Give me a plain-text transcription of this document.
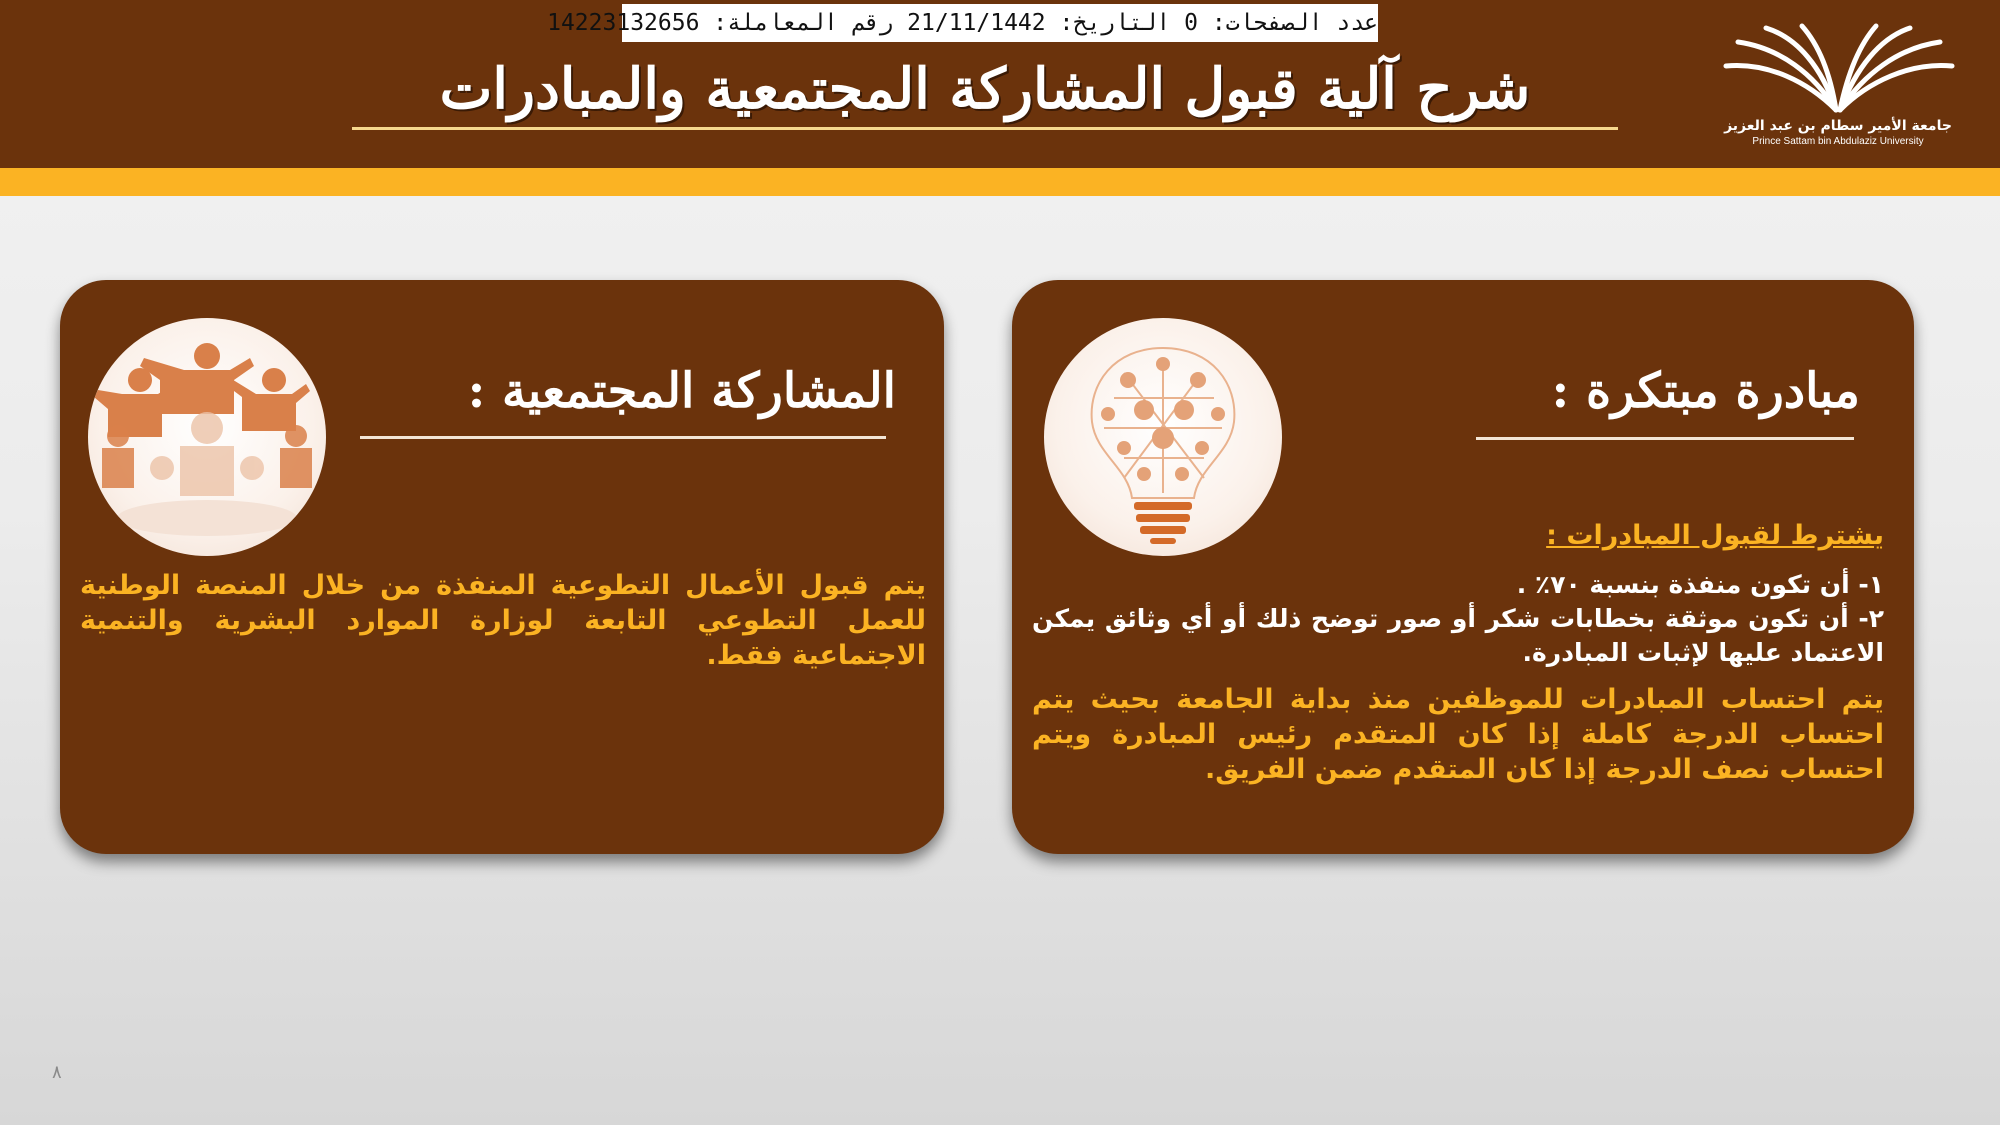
عدد الصفحات: 0 التاريخ: 21/11/1442 رقم المعاملة: 14223132656
شرح آلية قبول المشاركة المجتمعية والمبادرات
جامعة الأمير سطام بن عبد العزيز
Prince Sattam bin Abdulaziz University
المشاركة المجتمعية :
يتم قبول الأعمال التطوعية المنفذة من خلال المنصة الوطنية للعمل التطوعي التابعة لوزارة الموارد البشرية والتنمية الاجتماعية فقط.
مبادرة مبتكرة :
يشترط لقبول المبادرات :
١- أن تكون منفذة بنسبة ٧٠٪ .
٢- أن تكون موثقة بخطابات شكر أو صور توضح ذلك أو أي وثائق يمكن الاعتماد عليها لإثبات المبادرة.
يتم احتساب المبادرات للموظفين منذ بداية الجامعة بحيث يتم احتساب الدرجة كاملة إذا كان المتقدم رئيس المبادرة ويتم احتساب نصف الدرجة إذا كان المتقدم ضمن الفريق.
٨
